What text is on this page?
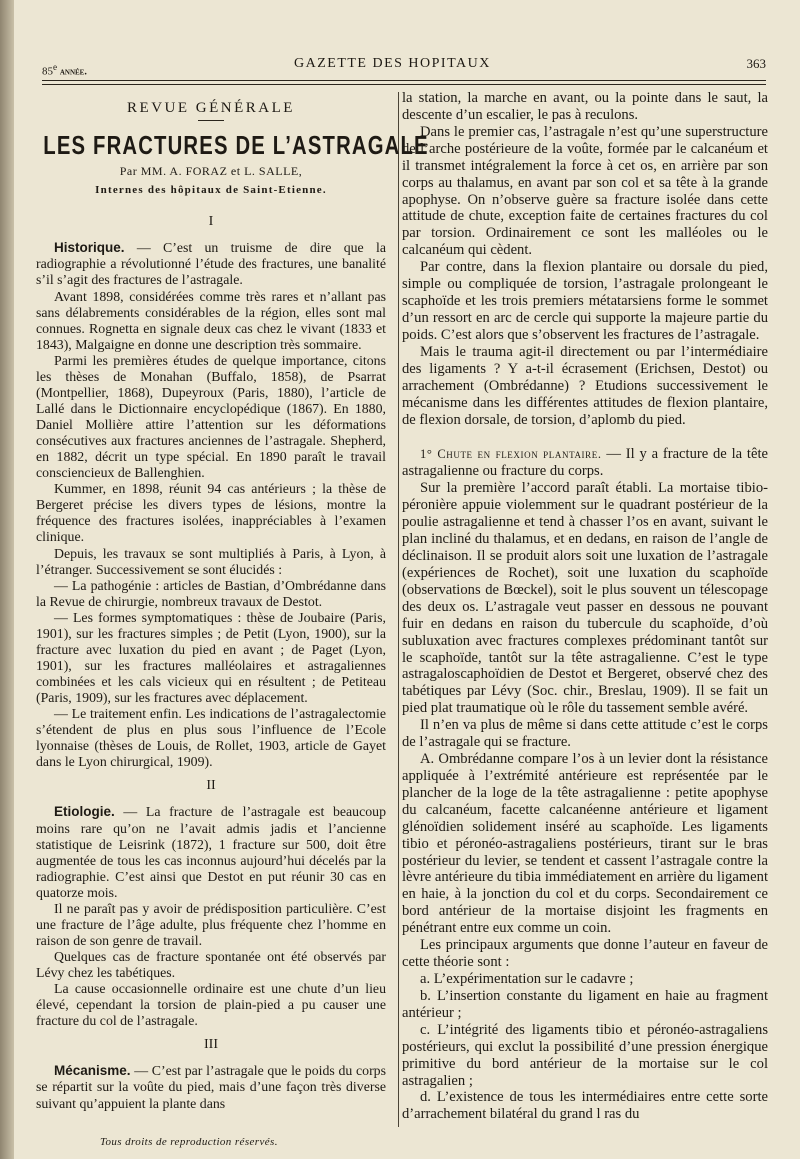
85e année.
GAZETTE DES HOPITAUX	363
REVUE GÉNÉRALE
LES FRACTURES DE L’ASTRAGALE
Par MM. A. FORAZ et L. SALLE,
Internes des hôpitaux de Saint-Etienne.
I

Historique. — C’est un truisme de dire que la radiographie a révolutionné l’étude des fractures, une banalité s’il s’agit des fractures de l’astragale.

Avant 1898, considérées comme très rares et n’allant pas sans délabrements considérables de la région, elles sont mal connues. Rognetta en signale deux cas chez le vivant (1833 et 1843), Malgaigne en donne une description très sommaire.

Parmi les premières études de quelque importance, citons les thèses de Monahan (Buffalo, 1858), de Psarrat (Montpellier, 1868), Dupeyroux (Paris, 1880), l’article de Lallé dans le Dictionnaire encyclopédique (1867). En 1880, Daniel Mollière attire l’attention sur les déformations consécutives aux fractures anciennes de l’astragale. Shepherd, en 1882, décrit un type spécial. En 1890 paraît le travail consciencieux de Ballenghien.

Kummer, en 1898, réunit 94 cas antérieurs ; la thèse de Bergeret précise les divers types de lésions, montre la fréquence des fractures isolées, inappréciables à l’examen clinique.

Depuis, les travaux se sont multipliés à Paris, à Lyon, à l’étranger. Successivement se sont élucidés :

— La pathogénie : articles de Bastian, d’Ombrédanne dans la Revue de chirurgie, nombreux travaux de Destot.

— Les formes symptomatiques : thèse de Joubaire (Paris, 1901), sur les fractures simples ; de Petit (Lyon, 1900), sur la fracture avec luxation du pied en avant ; de Paget (Lyon, 1901), sur les fractures malléolaires et astragaliennes combinées et les cals vicieux qui en résultent ; de Petiteau (Paris, 1909), sur les fractures avec déplacement.

— Le traitement enfin. Les indications de l’astragalectomie s’étendent de plus en plus sous l’influence de l’Ecole lyonnaise (thèses de Louis, de Rollet, 1903, article de Gayet dans le Lyon chirurgical, 1909).

II

Etiologie. — La fracture de l’astragale est beaucoup moins rare qu’on ne l’avait admis jadis et l’ancienne statistique de Leisrink (1872), 1 fracture sur 500, doit être augmentée de tous les cas inconnus aujourd’hui décelés par la radiographie. C’est ainsi que Destot en put réunir 30 cas en quatorze mois.

Il ne paraît pas y avoir de prédisposition particulière. C’est une fracture de l’âge adulte, plus fréquente chez l’homme en raison de son genre de travail.

Quelques cas de fracture spontanée ont été observés par Lévy chez les tabétiques.

La cause occasionnelle ordinaire est une chute d’un lieu élevé, cependant la torsion de plain-pied a pu causer une fracture du col de l’astragale.

III

Mécanisme. — C’est par l’astragale que le poids du corps se répartit sur la voûte du pied, mais d’une façon très diverse suivant qu’appuient la plante dans

la station, la marche en avant, ou la pointe dans le saut, la descente d’un escalier, le pas à reculons.

Dans le premier cas, l’astragale n’est qu’une superstructure de l’arche postérieure de la voûte, formée par le calcanéum et il transmet intégralement la force à cet os, en arrière par son corps au thalamus, en avant par son col et sa tête à la grande apophyse. On n’observe guère sa fracture isolée dans cette attitude de chute, exception faite de certaines fractures du col par torsion. Ordinairement ce sont les malléoles ou le calcanéum qui cèdent.

Par contre, dans la flexion plantaire ou dorsale du pied, simple ou compliquée de torsion, l’astragale prolongeant le scaphoïde et les trois premiers métatarsiens forme le sommet d’un ressort en arc de cercle qui supporte la majeure partie du poids. C’est alors que s’observent les fractures de l’astragale.

Mais le trauma agit-il directement ou par l’intermédiaire des ligaments ? Y a-t-il écrasement (Erichsen, Destot) ou arrachement (Ombrédanne) ? Etudions successivement le mécanisme dans les différentes attitudes de flexion plantaire, de flexion dorsale, de torsion, d’aplomb du pied.

1° Chute en flexion plantaire. — Il y a fracture de la tête astragalienne ou fracture du corps.

Sur la première l’accord paraît établi. La mortaise tibio-péronière appuie violemment sur le quadrant postérieur de la poulie astragalienne et tend à chasser l’os en avant, suivant le plan incliné du thalamus, et en dedans, en raison de l’angle de déclinaison. Il se produit alors soit une luxation de l’astragale (expériences de Rochet), soit une luxation du scaphoïde (observations de Bœckel), soit le plus souvent un télescopage des deux os. L’astragale veut passer en dessous ne pouvant fuir en dedans en raison du tubercule du scaphoïde, d’où subluxation avec fractures complexes prédominant tantôt sur le scaphoïde, tantôt sur la tête astragalienne. C’est le type astragaloscaphoïdien de Destot et Bergeret, observé chez des tabétiques par Lévy (Soc. chir., Breslau, 1909). Il se fait un pied plat traumatique où le rôle du tassement semble avéré.

Il n’en va plus de même si dans cette attitude c’est le corps de l’astragale qui se fracture.

A. Ombrédanne compare l’os à un levier dont la résistance appliquée à l’extrémité antérieure est représentée par le plancher de la loge de la tête astragalienne : petite apophyse du calcanéum, facette calcanéenne antérieure et ligament glénoïdien solidement inséré au scaphoïde. Les ligaments tibio et péronéo-astragaliens postérieurs, tirant sur le bras postérieur du levier, se tendent et cassent l’astragale contre la lèvre antérieure du tibia immédiatement en arrière du ligament en haie, à la jonction du col et du corps. Secondairement ce bord antérieur de la mortaise disjoint les fragments en pénétrant entre eux comme un coin.

Les principaux arguments que donne l’auteur en faveur de cette théorie sont :

a. L’expérimentation sur le cadavre ;

b. L’insertion constante du ligament en haie au fragment antérieur ;

c. L’intégrité des ligaments tibio et péronéo-astragaliens postérieurs, qui exclut la possibilité d’une pression énergique primitive du bord antérieur de la mortaise sur le col astragalien ;

d. L’existence de tous les intermédiaires entre cette sorte d’arrachement bilatéral du grand l ras du

Tous droits de reproduction réservés.
